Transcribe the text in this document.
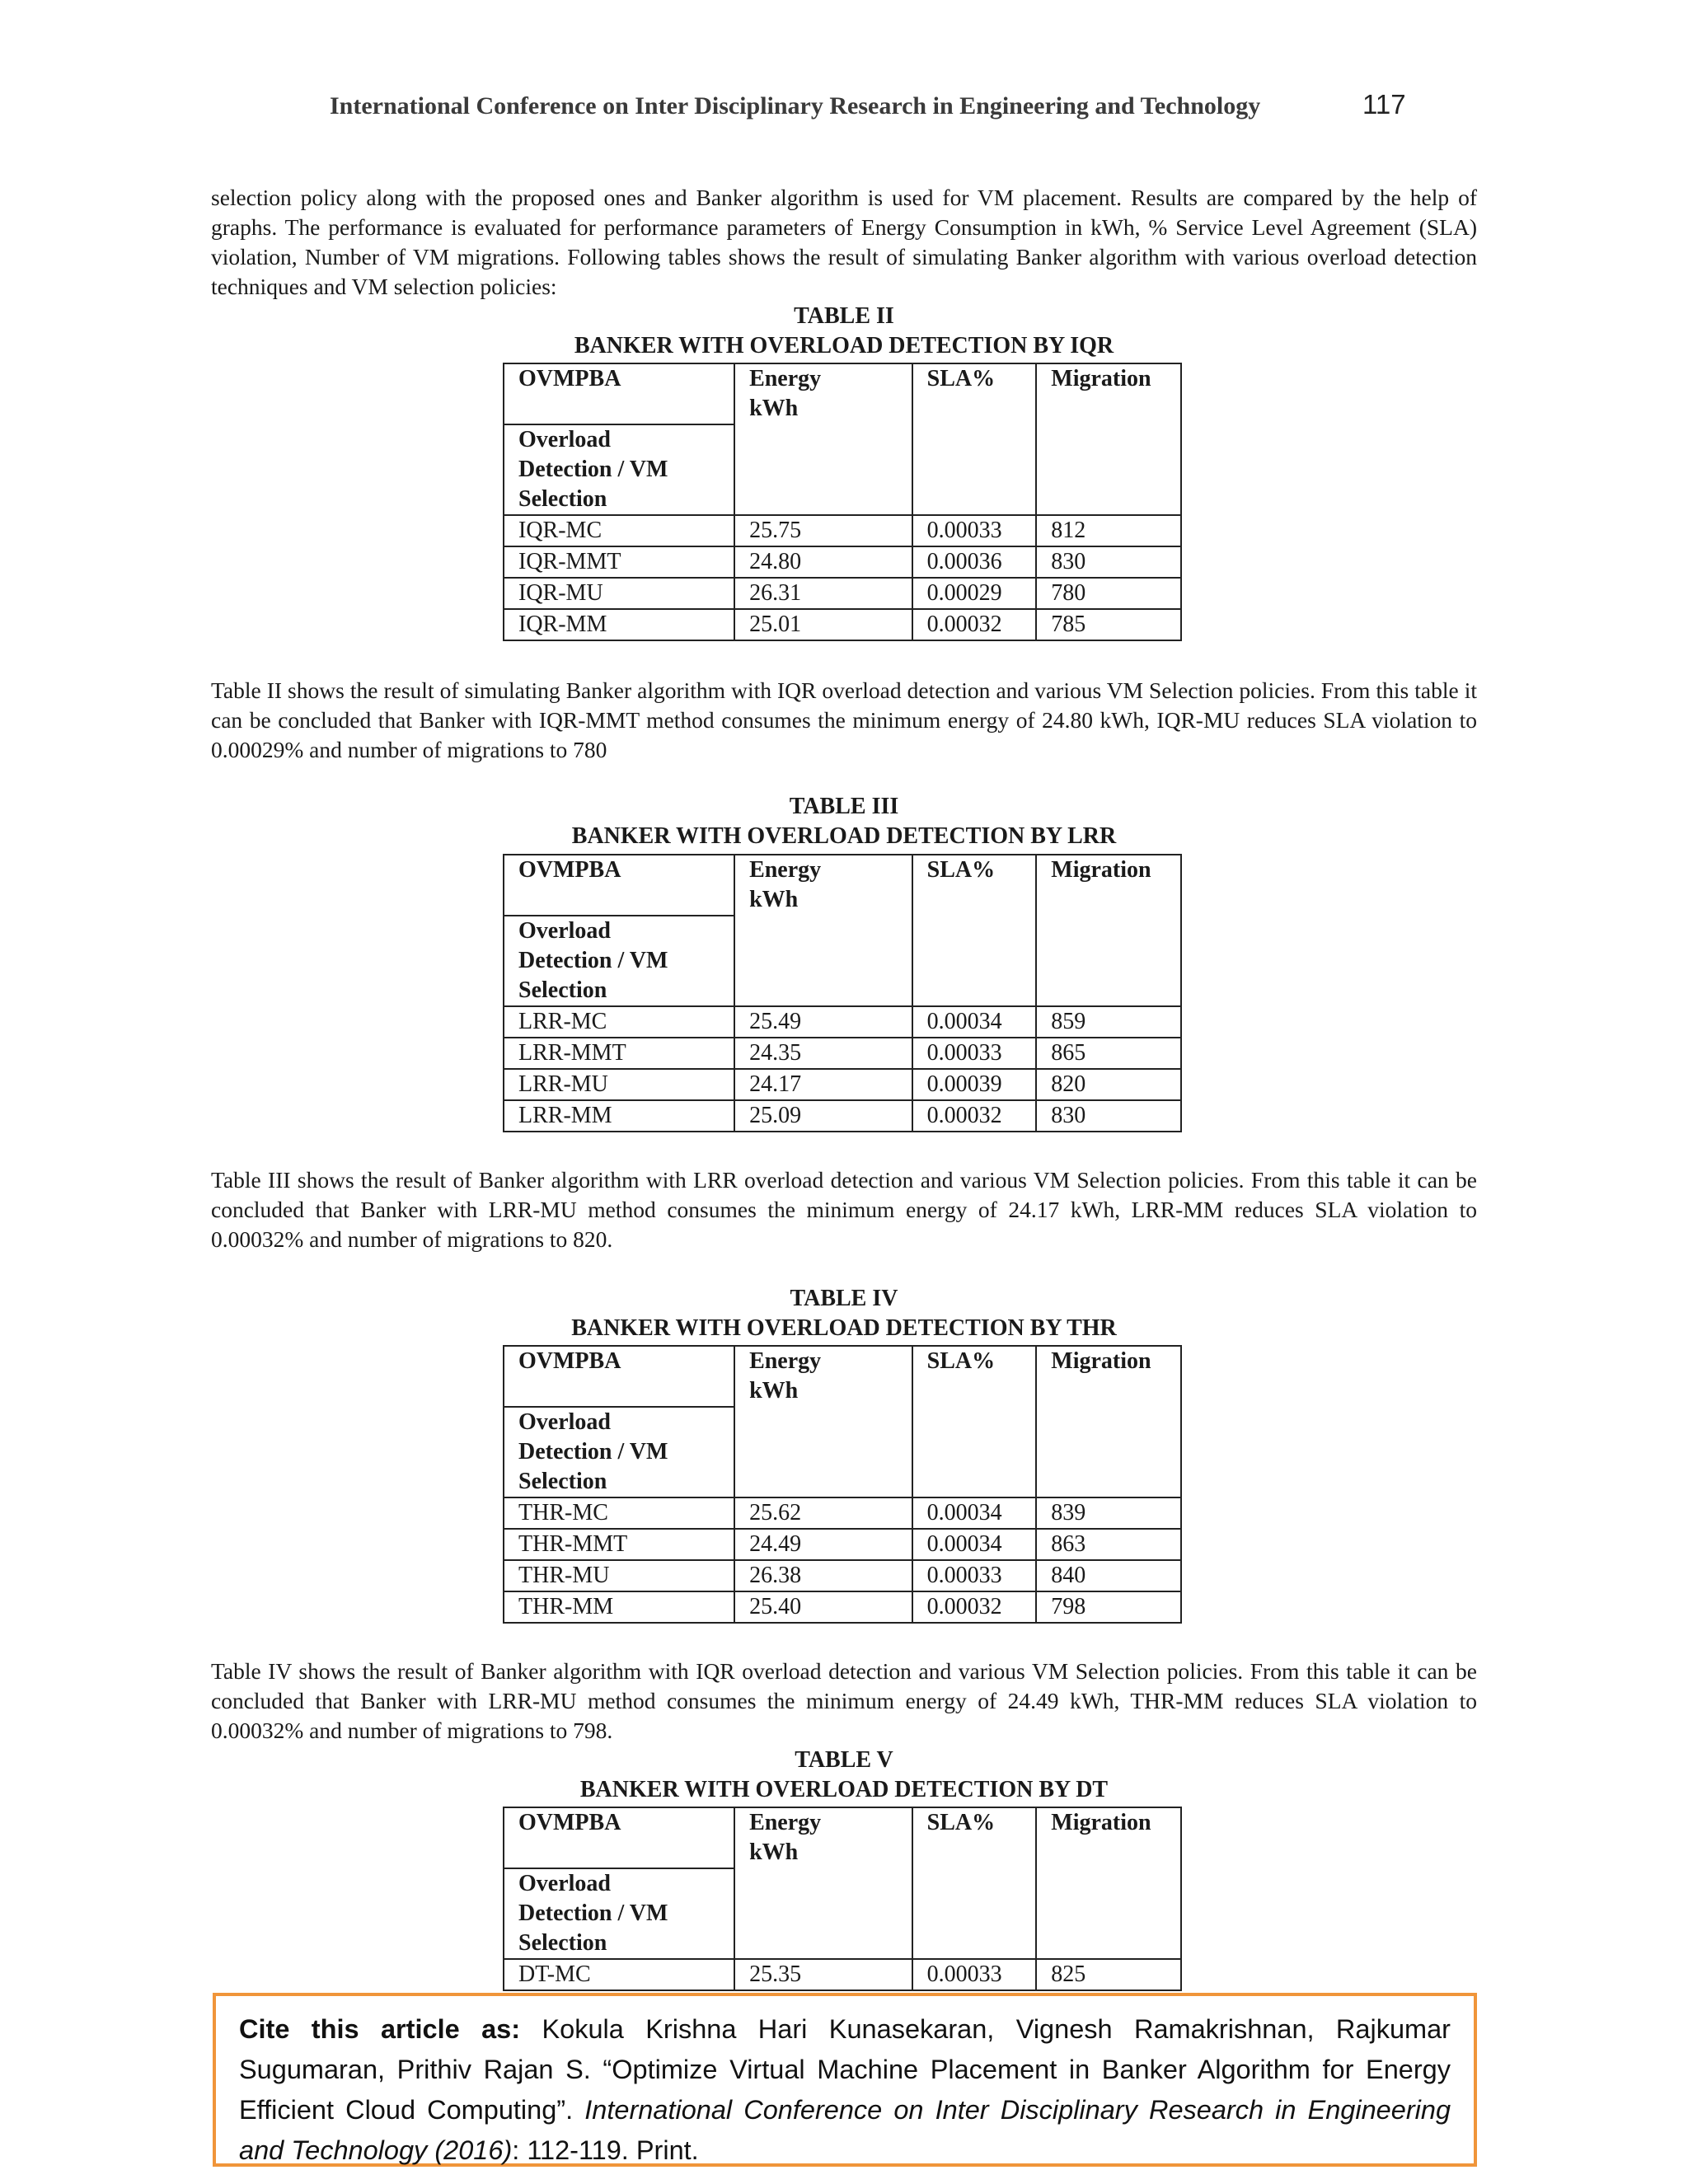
International Conference on Inter Disciplinary Research in Engineering and Technology	117

selection policy along with the proposed ones and Banker algorithm is used for VM placement. Results are compared by the help of graphs. The performance is evaluated for performance parameters of Energy Consumption in kWh, % Service Level Agreement (SLA) violation, Number of VM migrations. Following tables shows the result of simulating Banker algorithm with various overload detection techniques and VM selection policies:

TABLE II
BANKER WITH OVERLOAD DETECTION BY IQR
OVMPBA	Energy kWh	SLA%	Migration
Overload Detection / VM Selection			
IQR-MC	25.75	0.00033	812
IQR-MMT	24.80	0.00036	830
IQR-MU	26.31	0.00029	780
IQR-MM	25.01	0.00032	785

Table II shows the result of simulating Banker algorithm with IQR overload detection and various VM Selection policies. From this table it can be concluded that Banker with IQR-MMT method consumes the minimum energy of 24.80 kWh, IQR-MU reduces SLA violation to 0.00029% and number of migrations to 780

TABLE III
BANKER WITH OVERLOAD DETECTION BY LRR
OVMPBA	Energy kWh	SLA%	Migration
Overload Detection / VM Selection			
LRR-MC	25.49	0.00034	859
LRR-MMT	24.35	0.00033	865
LRR-MU	24.17	0.00039	820
LRR-MM	25.09	0.00032	830

Table III shows the result of Banker algorithm with LRR overload detection and various VM Selection policies. From this table it can be concluded that Banker with LRR-MU method consumes the minimum energy of 24.17 kWh, LRR-MM reduces SLA violation to 0.00032% and number of migrations to 820.

TABLE IV
BANKER WITH OVERLOAD DETECTION BY THR
OVMPBA	Energy kWh	SLA%	Migration
Overload Detection / VM Selection			
THR-MC	25.62	0.00034	839
THR-MMT	24.49	0.00034	863
THR-MU	26.38	0.00033	840
THR-MM	25.40	0.00032	798

Table IV shows the result of Banker algorithm with IQR overload detection and various VM Selection policies. From this table it can be concluded that Banker with LRR-MU method consumes the minimum energy of 24.49 kWh, THR-MM reduces SLA violation to 0.00032% and number of migrations to 798.

TABLE V
BANKER WITH OVERLOAD DETECTION BY DT
OVMPBA	Energy kWh	SLA%	Migration
Overload Detection / VM Selection			
DT-MC	25.35	0.00033	825
Cite this article as: Kokula Krishna Hari Kunasekaran, Vignesh Ramakrishnan, Rajkumar Sugumaran, Prithiv Rajan S. “Optimize Virtual Machine Placement in Banker Algorithm for Energy Efficient Cloud Computing”. International Conference on Inter Disciplinary Research in Engineering and Technology (2016): 112-119. Print.
